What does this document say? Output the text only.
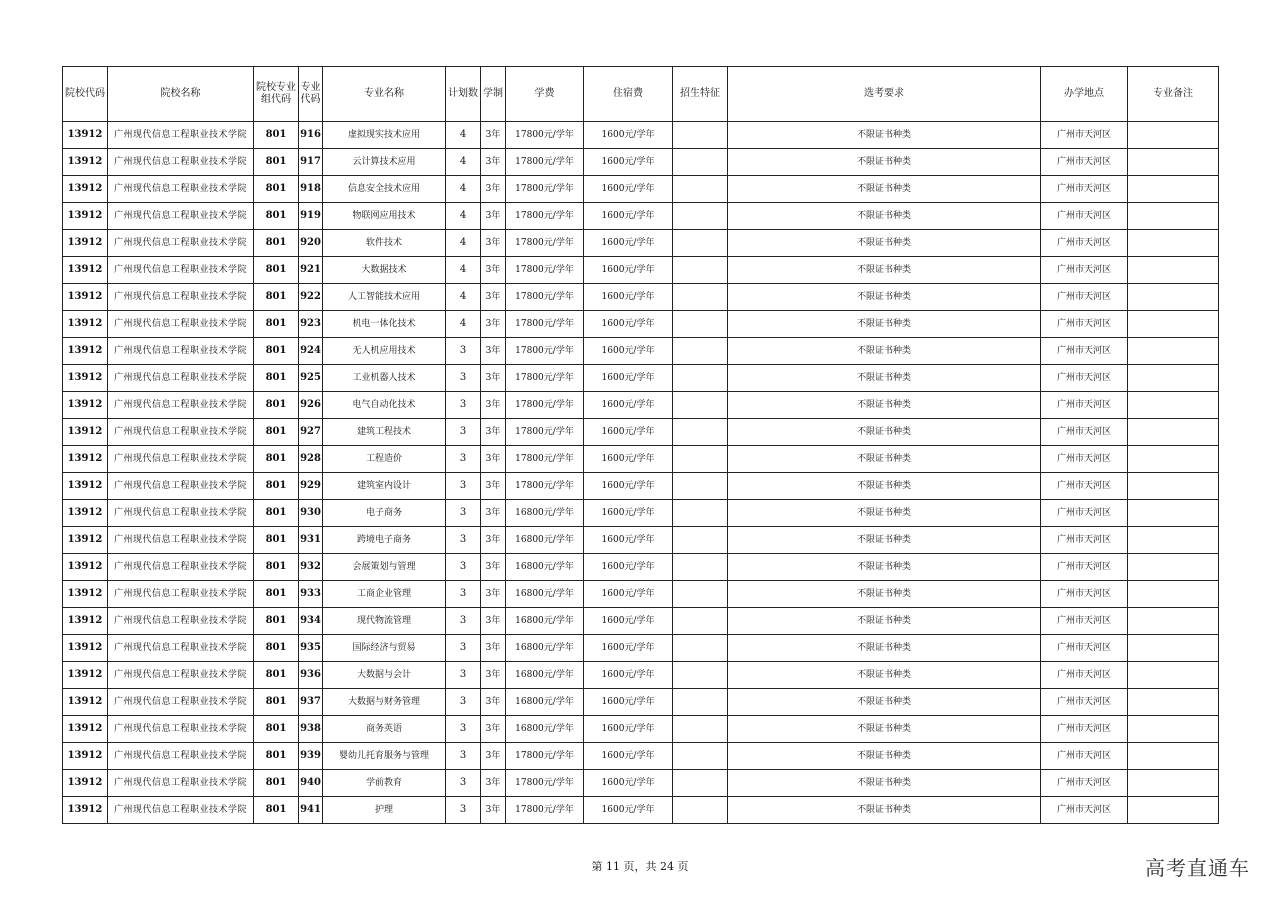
院校代码	院校名称	院校专业组代码	专业代码	专业名称	计划数	学制	学费	住宿费	招生特征	选考要求	办学地点	专业备注
13912	广州现代信息工程职业技术学院	801	916	虚拟现实技术应用	4	3年	17800元/学年	1600元/学年		不限证书种类	广州市天河区	
13912	广州现代信息工程职业技术学院	801	917	云计算技术应用	4	3年	17800元/学年	1600元/学年		不限证书种类	广州市天河区	
13912	广州现代信息工程职业技术学院	801	918	信息安全技术应用	4	3年	17800元/学年	1600元/学年		不限证书种类	广州市天河区	
13912	广州现代信息工程职业技术学院	801	919	物联网应用技术	4	3年	17800元/学年	1600元/学年		不限证书种类	广州市天河区	
13912	广州现代信息工程职业技术学院	801	920	软件技术	4	3年	17800元/学年	1600元/学年		不限证书种类	广州市天河区	
13912	广州现代信息工程职业技术学院	801	921	大数据技术	4	3年	17800元/学年	1600元/学年		不限证书种类	广州市天河区	
13912	广州现代信息工程职业技术学院	801	922	人工智能技术应用	4	3年	17800元/学年	1600元/学年		不限证书种类	广州市天河区	
13912	广州现代信息工程职业技术学院	801	923	机电一体化技术	4	3年	17800元/学年	1600元/学年		不限证书种类	广州市天河区	
13912	广州现代信息工程职业技术学院	801	924	无人机应用技术	3	3年	17800元/学年	1600元/学年		不限证书种类	广州市天河区	
13912	广州现代信息工程职业技术学院	801	925	工业机器人技术	3	3年	17800元/学年	1600元/学年		不限证书种类	广州市天河区	
13912	广州现代信息工程职业技术学院	801	926	电气自动化技术	3	3年	17800元/学年	1600元/学年		不限证书种类	广州市天河区	
13912	广州现代信息工程职业技术学院	801	927	建筑工程技术	3	3年	17800元/学年	1600元/学年		不限证书种类	广州市天河区	
13912	广州现代信息工程职业技术学院	801	928	工程造价	3	3年	17800元/学年	1600元/学年		不限证书种类	广州市天河区	
13912	广州现代信息工程职业技术学院	801	929	建筑室内设计	3	3年	17800元/学年	1600元/学年		不限证书种类	广州市天河区	
13912	广州现代信息工程职业技术学院	801	930	电子商务	3	3年	16800元/学年	1600元/学年		不限证书种类	广州市天河区	
13912	广州现代信息工程职业技术学院	801	931	跨境电子商务	3	3年	16800元/学年	1600元/学年		不限证书种类	广州市天河区	
13912	广州现代信息工程职业技术学院	801	932	会展策划与管理	3	3年	16800元/学年	1600元/学年		不限证书种类	广州市天河区	
13912	广州现代信息工程职业技术学院	801	933	工商企业管理	3	3年	16800元/学年	1600元/学年		不限证书种类	广州市天河区	
13912	广州现代信息工程职业技术学院	801	934	现代物流管理	3	3年	16800元/学年	1600元/学年		不限证书种类	广州市天河区	
13912	广州现代信息工程职业技术学院	801	935	国际经济与贸易	3	3年	16800元/学年	1600元/学年		不限证书种类	广州市天河区	
13912	广州现代信息工程职业技术学院	801	936	大数据与会计	3	3年	16800元/学年	1600元/学年		不限证书种类	广州市天河区	
13912	广州现代信息工程职业技术学院	801	937	大数据与财务管理	3	3年	16800元/学年	1600元/学年		不限证书种类	广州市天河区	
13912	广州现代信息工程职业技术学院	801	938	商务英语	3	3年	16800元/学年	1600元/学年		不限证书种类	广州市天河区	
13912	广州现代信息工程职业技术学院	801	939	婴幼儿托育服务与管理	3	3年	17800元/学年	1600元/学年		不限证书种类	广州市天河区	
13912	广州现代信息工程职业技术学院	801	940	学前教育	3	3年	17800元/学年	1600元/学年		不限证书种类	广州市天河区	
13912	广州现代信息工程职业技术学院	801	941	护理	3	3年	17800元/学年	1600元/学年		不限证书种类	广州市天河区	
第 11 页，共 24 页	高考直通车
